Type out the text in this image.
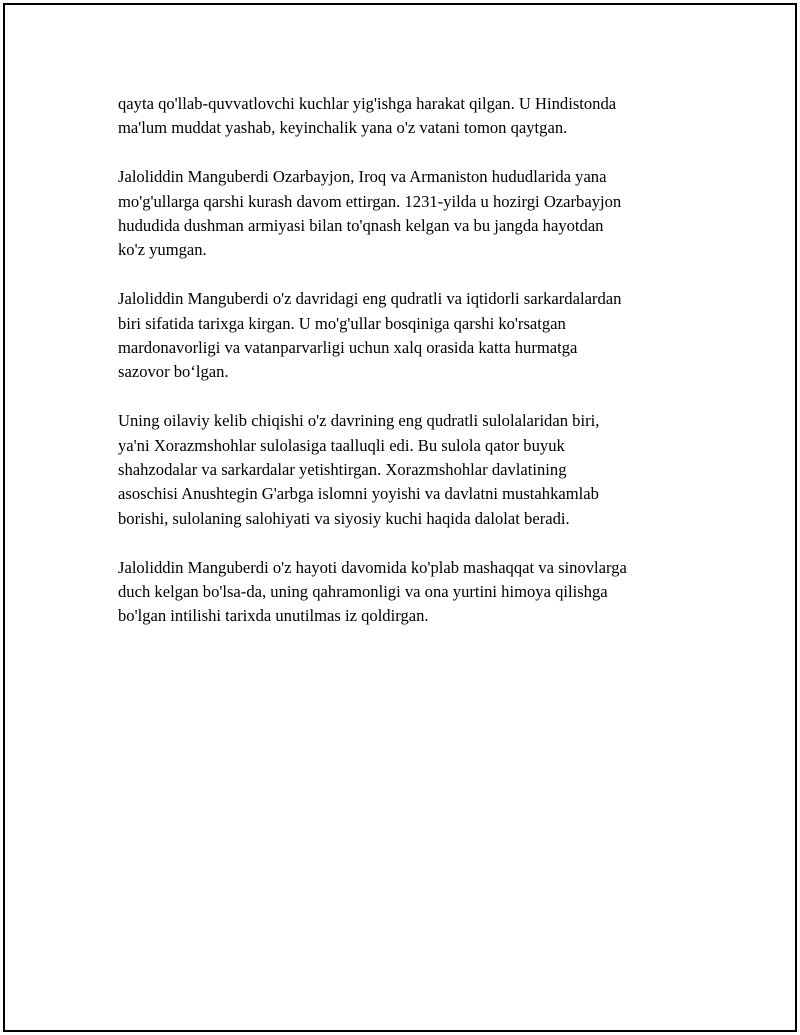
qayta qo'llab-quvvatlovchi kuchlar yig'ishga harakat qilgan. U Hindistonda
ma'lum muddat yashab, keyinchalik yana o'z vatani tomon qaytgan.

Jaloliddin Manguberdi Ozarbayjon, Iroq va Armaniston hududlarida yana
mo'g'ullarga qarshi kurash davom ettirgan. 1231-yilda u hozirgi Ozarbayjon
hududida dushman armiyasi bilan to'qnash kelgan va bu jangda hayotdan
ko'z yumgan.

Jaloliddin Manguberdi o'z davridagi eng qudratli va iqtidorli sarkardalardan
biri sifatida tarixga kirgan. U mo'g'ullar bosqiniga qarshi ko'rsatgan
mardonavorligi va vatanparvarligi uchun xalq orasida katta hurmatga
sazovor bo‘lgan.

Uning oilaviy kelib chiqishi o'z davrining eng qudratli sulolalaridan biri,
ya'ni Xorazmshohlar sulolasiga taalluqli edi. Bu sulola qator buyuk
shahzodalar va sarkardalar yetishtirgan. Xorazmshohlar davlatining
asoschisi Anushtegin G'arbga islomni yoyishi va davlatni mustahkamlab
borishi, sulolaning salohiyati va siyosiy kuchi haqida dalolat beradi.

Jaloliddin Manguberdi o'z hayoti davomida ko'plab mashaqqat va sinovlarga
duch kelgan bo'lsa-da, uning qahramonligi va ona yurtini himoya qilishga
bo'lgan intilishi tarixda unutilmas iz qoldirgan.
